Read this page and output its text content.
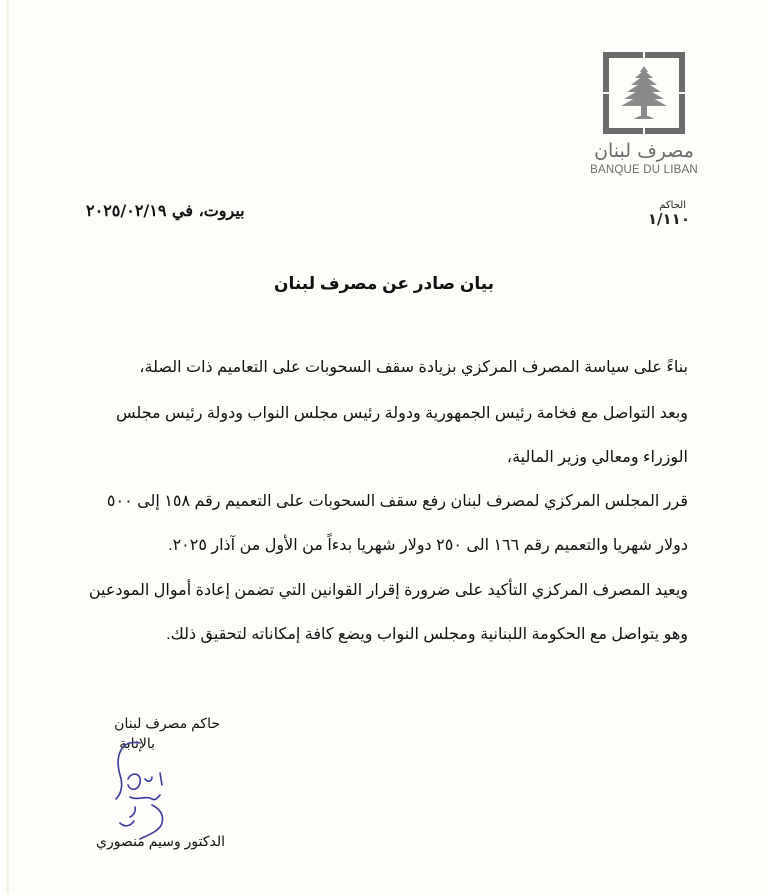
مصرف لبنان
BANQUE DU LIBAN
الحاكم
١/١١٠
بيروت، في ٢٠٢٥/٠٢/١٩
بيان صادر عن مصرف لبنان
بناءً على سياسة المصرف المركزي بزيادة سقف السحوبات على التعاميم ذات الصلة،
وبعد التواصل مع فخامة رئيس الجمهورية ودولة رئيس مجلس النواب ودولة رئيس مجلس
الوزراء ومعالي وزير المالية،
قرر المجلس المركزي لمصرف لبنان رفع سقف السحوبات على التعميم رقم ١٥٨ إلى ٥٠٠
دولار شهريا والتعميم رقم ١٦٦ الى ٢٥٠ دولار شهريا بدءاً من الأول من آذار ٢٠٢٥.
ويعيد المصرف المركزي التأكيد على ضرورة إقرار القوانين التي تضمن إعادة أموال المودعين
وهو يتواصل مع الحكومة اللبنانية ومجلس النواب ويضع كافة إمكاناته لتحقيق ذلك.
حاكم مصرف لبنان
بالإنابة
الدكتور وسيم منصوري
